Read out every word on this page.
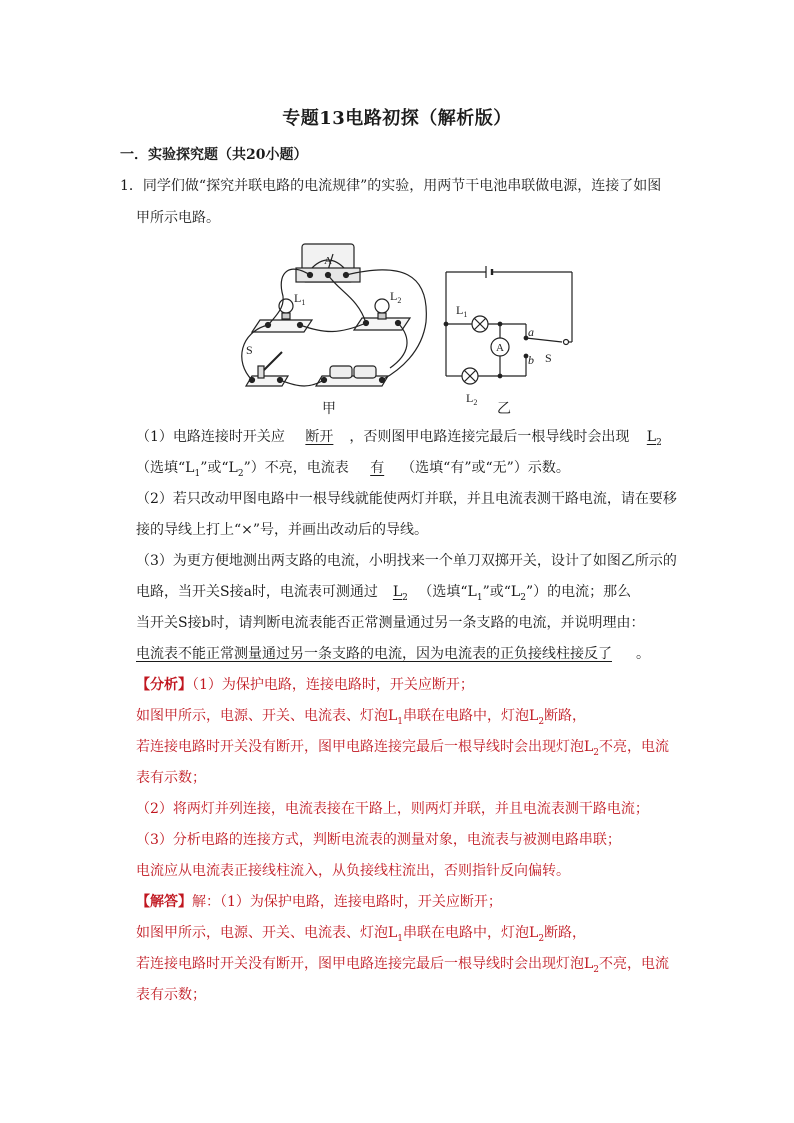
专题13电路初探（解析版）
一．实验探究题（共20小题）
1．同学们做“探究并联电路的电流规律”的实验，用两节干电池串联做电源，连接了如图
甲所示电路。
A
$L_1$	$L_2$
S	A
$L_1$
$L_2$
a
b S
甲	乙
（1）电路连接时开关应 断开 ，否则图甲电路连接完最后一根导线时会出现 $L_2$
（选填“$L_1$”或“$L_2$”）不亮，电流表 有 （选填“有”或“无”）示数。
（2）若只改动甲图电路中一根导线就能使两灯并联，并且电流表测干路电流，请在要移
接的导线上打上“×”号，并画出改动后的导线。
（3）为更方便地测出两支路的电流，小明找来一个单刀双掷开关，设计了如图乙所示的
电路，当开关S接a时，电流表可测通过 $L_2$ （选填“$L_1$”或“$L_2$”）的电流；那么
当开关S接b时，请判断电流表能否正常测量通过另一条支路的电流，并说明理由：
电流表不能正常测量通过另一条支路的电流，因为电流表的正负接线柱接反了 。
【分析】（1）为保护电路，连接电路时，开关应断开；
如图甲所示，电源、开关、电流表、灯泡$L_1$串联在电路中，灯泡$L_2$断路，
若连接电路时开关没有断开，图甲电路连接完最后一根导线时会出现灯泡$L_2$不亮，电流
表有示数；
（2）将两灯并列连接，电流表接在干路上，则两灯并联，并且电流表测干路电流；
（3）分析电路的连接方式，判断电流表的测量对象，电流表与被测电路串联；
电流应从电流表正接线柱流入，从负接线柱流出，否则指针反向偏转。
【解答】解：（1）为保护电路，连接电路时，开关应断开；
如图甲所示，电源、开关、电流表、灯泡$L_1$串联在电路中，灯泡$L_2$断路，
若连接电路时开关没有断开，图甲电路连接完最后一根导线时会出现灯泡$L_2$不亮，电流
表有示数；
